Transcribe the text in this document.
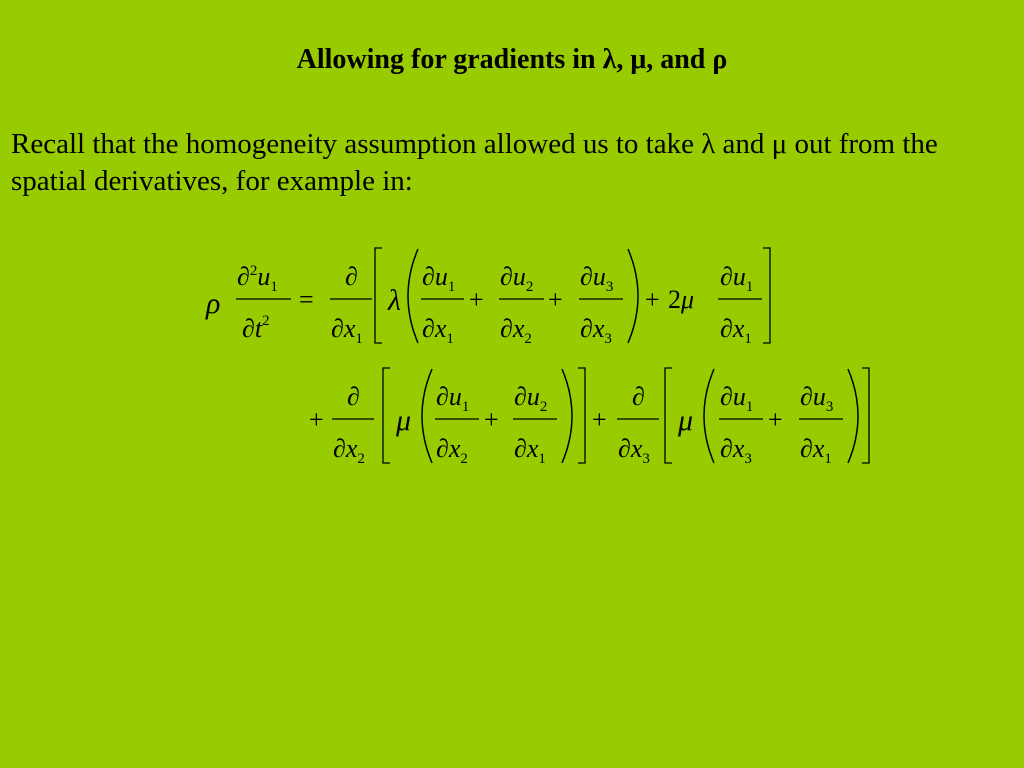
Allowing for gradients in λ, μ, and ρ
Recall that the homogeneity assumption allowed us to take λ and μ out from the spatial derivatives, for example in:
ρ
$\partial^2u_1$
$\partial t^2$
=
∂
$\partial x_1$
λ
$\partial u_1$
$\partial x_1$
+
$\partial u_2$
$\partial x_2$
+
$\partial u_3$
$\partial x_3$
+ 2μ
$\partial u_1$
$\partial x_1$
+
∂
$\partial x_2$
μ
$\partial u_1$
$\partial x_2$
+
$\partial u_2$
$\partial x_1$
+
∂
$\partial x_3$
μ
$\partial u_1$
$\partial x_3$
+
$\partial u_3$
$\partial x_1$
